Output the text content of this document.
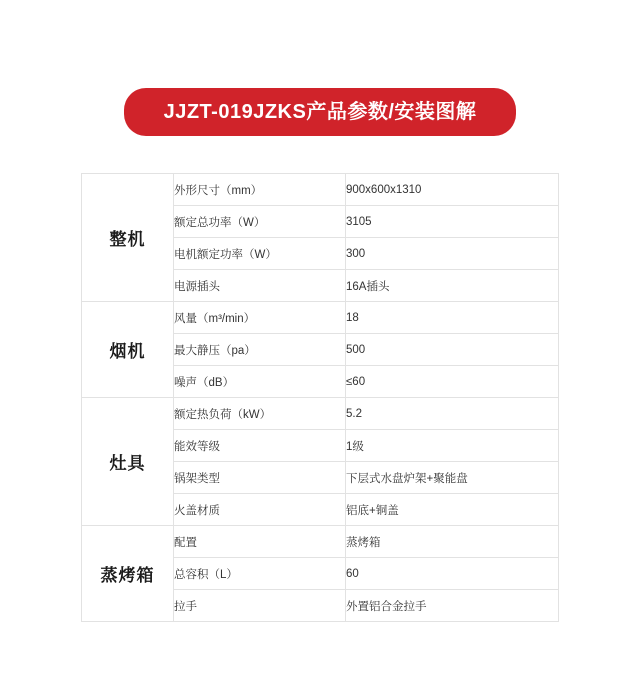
JJZT-019JZKS产品参数/安装图解
整机	外形尺寸（mm）	900x600x1310
	额定总功率（W）	3105
	电机额定功率（W）	300
	电源插头	16A插头
烟机	风量（m³/min）	18
	最大静压（pa）	500
	噪声（dB）	≤60
灶具	额定热负荷（kW）	5.2
	能效等级	1级
	锅架类型	下层式水盘炉架+聚能盘
	火盖材质	铝底+铜盖
蒸烤箱	配置	蒸烤箱
	总容积（L）	60
	拉手	外置铝合金拉手
